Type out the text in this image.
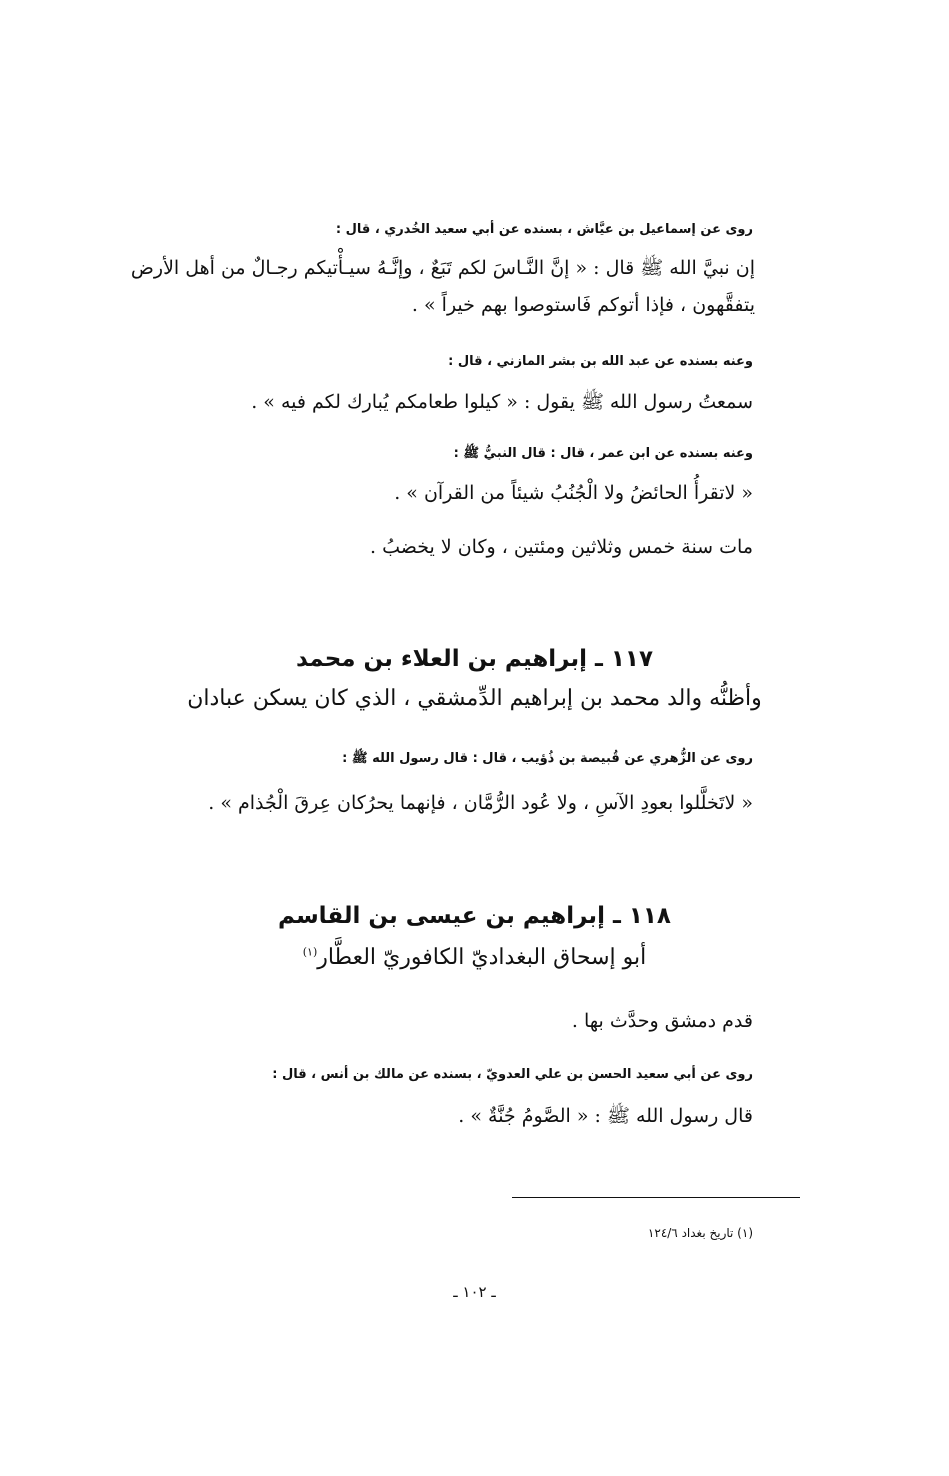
روى عن إسماعيل بن عيَّاش ، بسنده عن أبي سعيد الخُدري ، قال :
إن نبيَّ الله ﷺ قال : « إنَّ النَّـاسَ لكم تَبَعٌ ، وإنَّـهُ سيـأْتيكم رجـالٌ من أهل الأرض
يتفقَّهون ، فإذا أتوكم فَاستوصوا بهم خيراً » .
وعنه بسنده عن عبد الله بن بشر المازني ، قال :
سمعتُ رسول الله ﷺ يقول : « كيلوا طعامكم يُبارك لكم فيه » .
وعنه بسنده عن ابن عمر ، قال : قال النبيُّ ﷺ :
« لاتقرأُ الحائضُ ولا الْجُنُبُ شيئاً من القرآن » .
مات سنة خمس وثلاثين ومئتين ، وكان لا يخضبُ .
١١٧ ـ إبراهيم بن العلاء بن محمد
وأظنُّه والد محمد بن إبراهيم الدِّمشقي ، الذي كان يسكن عبادان
روى عن الزُّهري عن قُبيصة بن ذُؤيب ، قال : قال رسول الله ﷺ :
« لاتَخلَّلوا بعودِ الآسِ ، ولا عُود الرُّمَّان ، فإنهما يحرُكان عِرقَ الْجُذام » .
١١٨ ـ إبراهيم بن عيسى بن القاسم
أبو إسحاق البغداديّ الكافوريّ العطَّار$^{(١)}$
قدم دمشق وحدَّث بها .
روى عن أبي سعيد الحسن بن علي العدويّ ، بسنده عن مالك بن أنس ، قال :
قال رسول الله ﷺ : « الصَّومُ جُنَّةٌ » .
(١) تاريخ بغداد ١٢٤/٦
ـ ١٠٢ ـ
